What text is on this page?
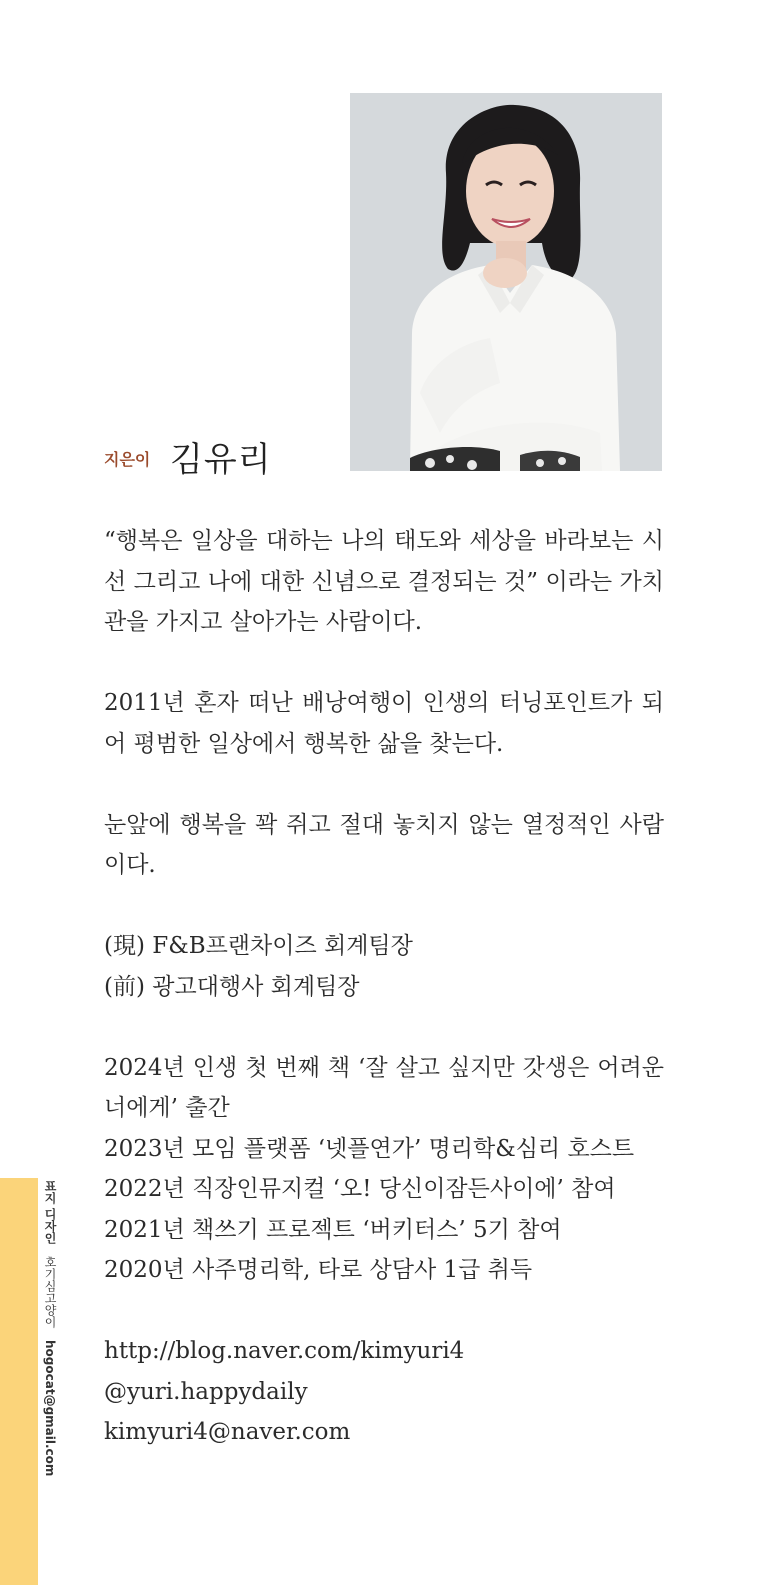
지은이 김유리

“행복은 일상을 대하는 나의 태도와 세상을 바라보는 시선 그리고 나에 대한 신념으로 결정되는 것” 이라는 가치관을 가지고 살아가는 사람이다.

2011년 혼자 떠난 배낭여행이 인생의 터닝포인트가 되어 평범한 일상에서 행복한 삶을 찾는다.

눈앞에 행복을 꽉 쥐고 절대 놓치지 않는 열정적인 사람이다.

(現) F&B프랜차이즈 회계팀장

(前) 광고대행사 회계팀장

2024년 인생 첫 번째 책 ‘잘 살고 싶지만 갓생은 어려운 너에게’ 출간

2023년 모임 플랫폼 ‘넷플연가’ 명리학&심리 호스트

2022년 직장인뮤지컬 ‘오! 당신이잠든사이에’ 참여

2021년 책쓰기 프로젝트 ‘버키터스’ 5기 참여

2020년 사주명리학, 타로 상담사 1급 취득

http://blog.naver.com/kimyuri4

@yuri.happydaily

kimyuri4@naver.com

표지 디자인 호기심고양이 hogocat@gmail.com
